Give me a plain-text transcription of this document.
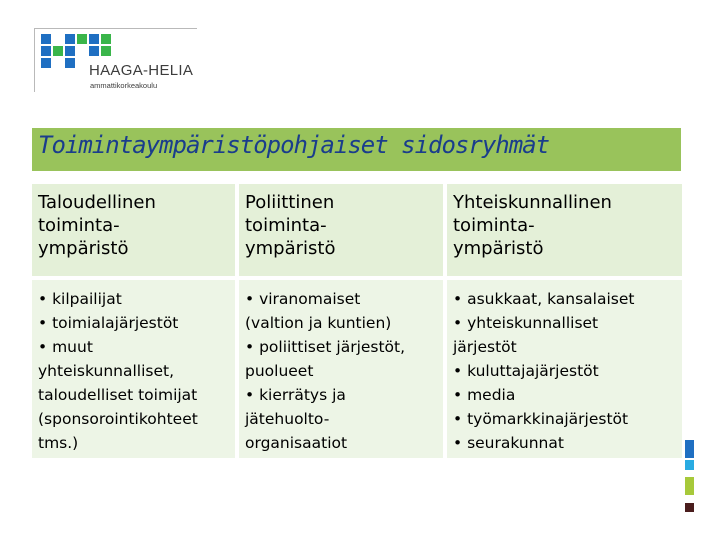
HAAGA-HELIA
ammattikorkeakoulu
Toimintaympäristöpohjaiset sidosryhmät
Taloudellinen
toiminta-
ympäristö
Poliittinen
toiminta-
ympäristö
Yhteiskunnallinen
toiminta-
ympäristö
• kilpailijat
• toimialajärjestöt
• muut
yhteiskunnalliset,
taloudelliset toimijat
(sponsorointikohteet
tms.)
• viranomaiset
(valtion ja kuntien)
• poliittiset järjestöt,
puolueet
• kierrätys ja
jätehuolto-
organisaatiot
• asukkaat, kansalaiset
• yhteiskunnalliset
järjestöt
• kuluttajajärjestöt
• media
• työmarkkinajärjestöt
• seurakunnat
